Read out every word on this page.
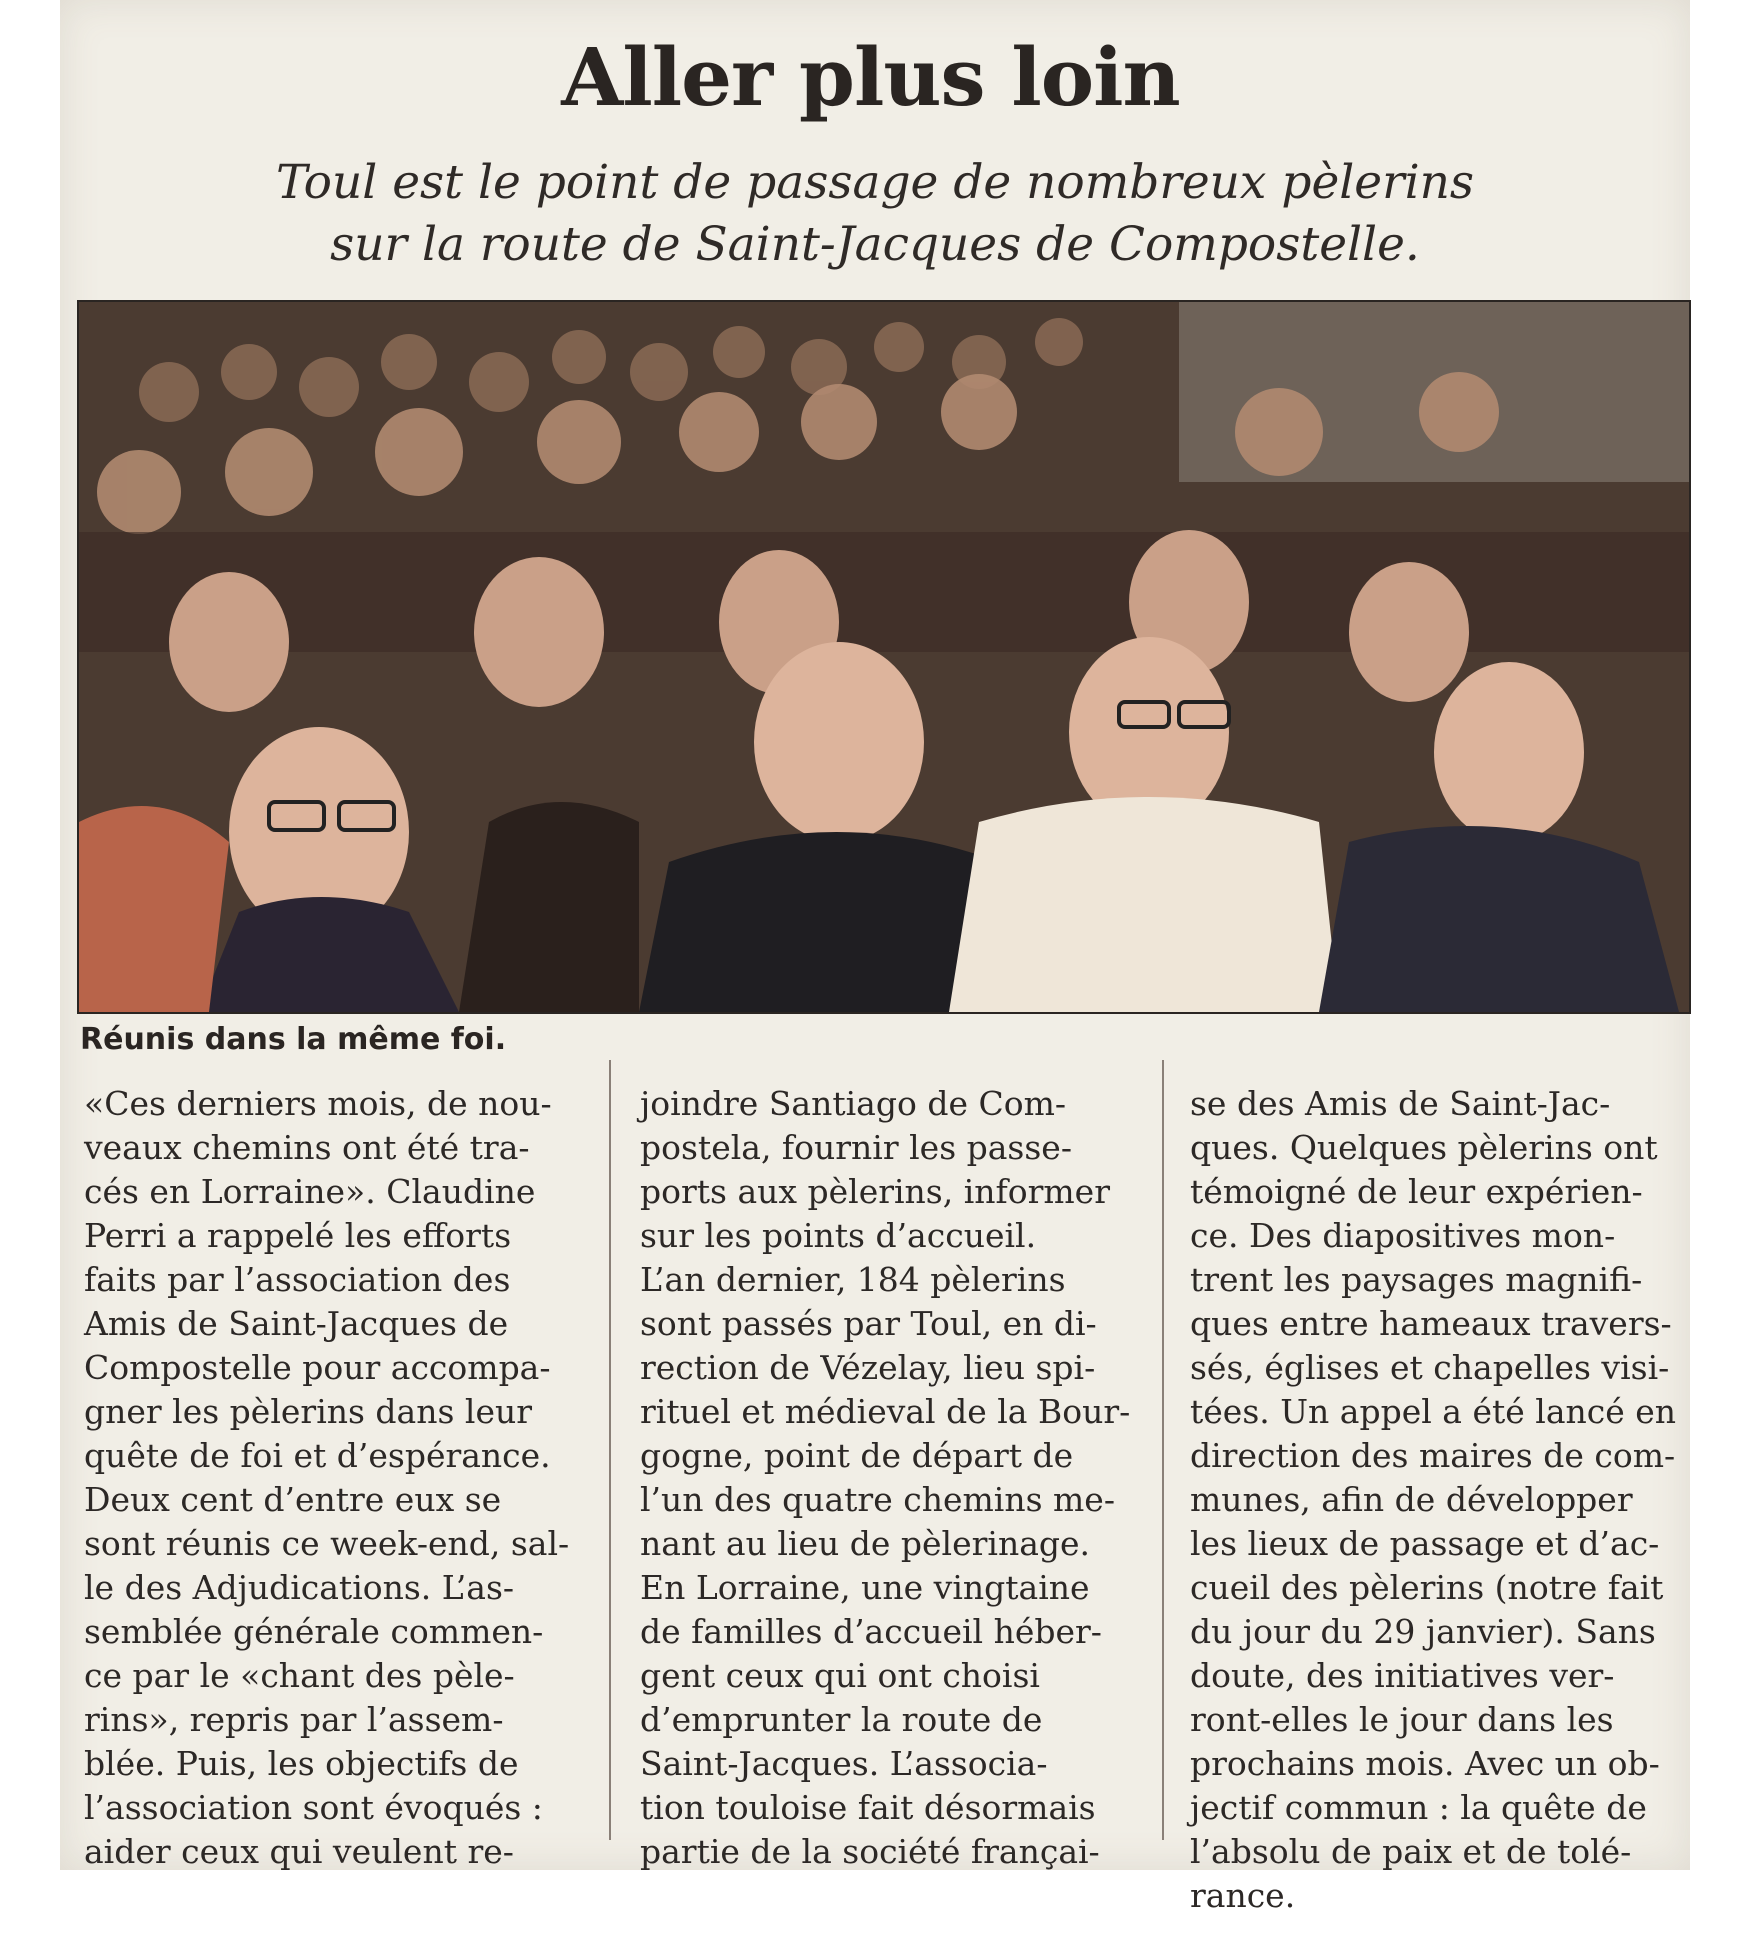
Aller plus loin
Toul est le point de passage de nombreux pèlerins
sur la route de Saint-Jacques de Compostelle.
Réunis dans la même foi.

«Ces derniers mois, de nou-

veaux chemins ont été tra-

cés en Lorraine». Claudine

Perri a rappelé les efforts

faits par l’association des

Amis de Saint-Jacques de

Compostelle pour accompa-

gner les pèlerins dans leur

quête de foi et d’espérance.

Deux cent d’entre eux se

sont réunis ce week-end, sal-

le des Adjudications. L’as-

semblée générale commen-

ce par le «chant des pèle-

rins», repris par l’assem-

blée. Puis, les objectifs de

l’association sont évoqués :

aider ceux qui veulent re-

joindre Santiago de Com-

postela, fournir les passe-

ports aux pèlerins, informer

sur les points d’accueil.

L’an dernier, 184 pèlerins

sont passés par Toul, en di-

rection de Vézelay, lieu spi-

rituel et médieval de la Bour-

gogne, point de départ de

l’un des quatre chemins me-

nant au lieu de pèlerinage.

En Lorraine, une vingtaine

de familles d’accueil héber-

gent ceux qui ont choisi

d’emprunter la route de

Saint-Jacques. L’associa-

tion touloise fait désormais

partie de la société françai-

se des Amis de Saint-Jac-

ques. Quelques pèlerins ont

témoigné de leur expérien-

ce. Des diapositives mon-

trent les paysages magnifi-

ques entre hameaux travers-

sés, églises et chapelles visi-

tées. Un appel a été lancé en

direction des maires de com-

munes, afin de développer

les lieux de passage et d’ac-

cueil des pèlerins (notre fait

du jour du 29 janvier). Sans

doute, des initiatives ver-

ront-elles le jour dans les

prochains mois. Avec un ob-

jectif commun : la quête de

l’absolu de paix et de tolé-

rance.
